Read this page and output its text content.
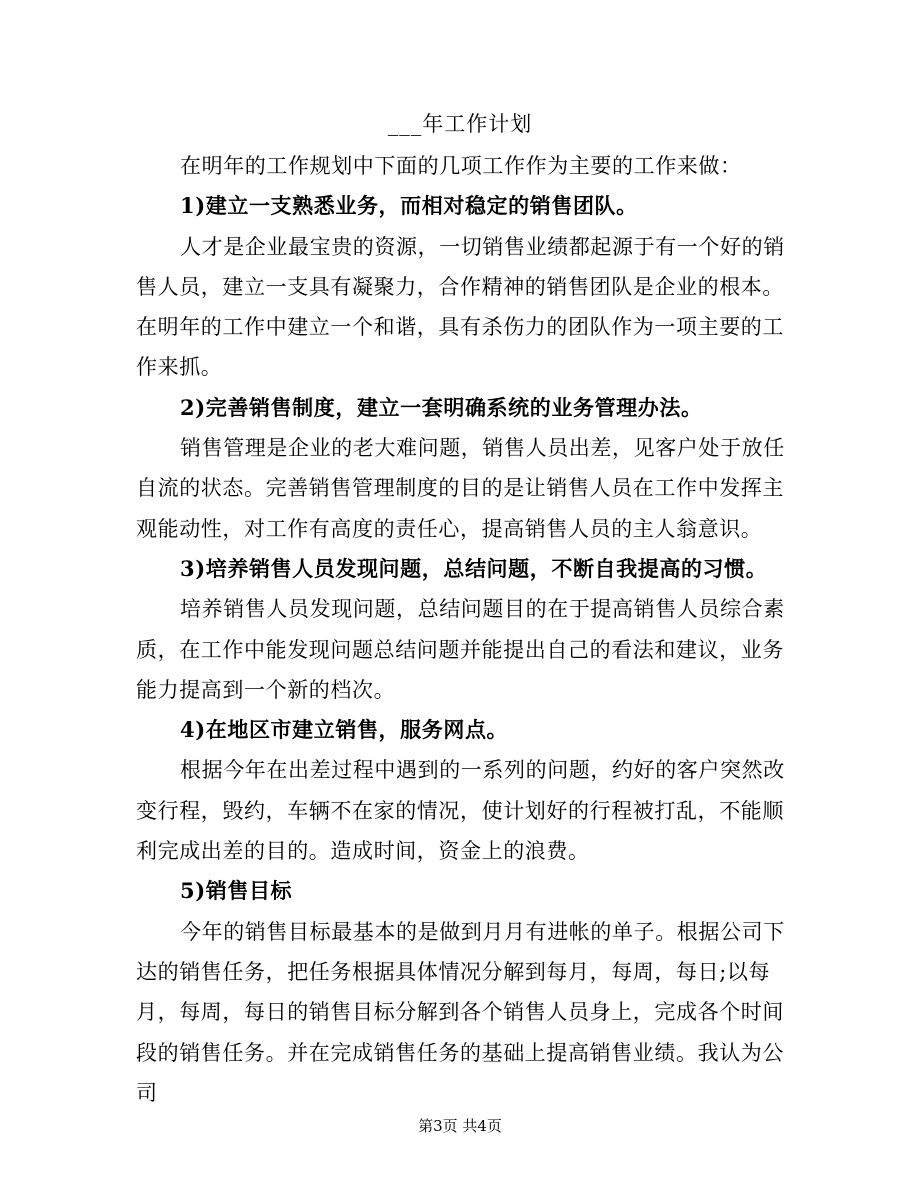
___年工作计划

在明年的工作规划中下面的几项工作作为主要的工作来做：

1)建立一支熟悉业务，而相对稳定的销售团队。

人才是企业最宝贵的资源，一切销售业绩都起源于有一个好的销售人员，建立一支具有凝聚力，合作精神的销售团队是企业的根本。在明年的工作中建立一个和谐，具有杀伤力的团队作为一项主要的工作来抓。

2)完善销售制度，建立一套明确系统的业务管理办法。

销售管理是企业的老大难问题，销售人员出差，见客户处于放任自流的状态。完善销售管理制度的目的是让销售人员在工作中发挥主观能动性，对工作有高度的责任心，提高销售人员的主人翁意识。

3)培养销售人员发现问题，总结问题，不断自我提高的习惯。

培养销售人员发现问题，总结问题目的在于提高销售人员综合素质，在工作中能发现问题总结问题并能提出自己的看法和建议，业务能力提高到一个新的档次。

4)在地区市建立销售，服务网点。

根据今年在出差过程中遇到的一系列的问题，约好的客户突然改变行程，毁约，车辆不在家的情况，使计划好的行程被打乱，不能顺利完成出差的目的。造成时间，资金上的浪费。

5)销售目标

今年的销售目标最基本的是做到月月有进帐的单子。根据公司下达的销售任务，把任务根据具体情况分解到每月，每周，每日;以每月，每周，每日的销售目标分解到各个销售人员身上，完成各个时间段的销售任务。并在完成销售任务的基础上提高销售业绩。我认为公司

第3页 共4页
